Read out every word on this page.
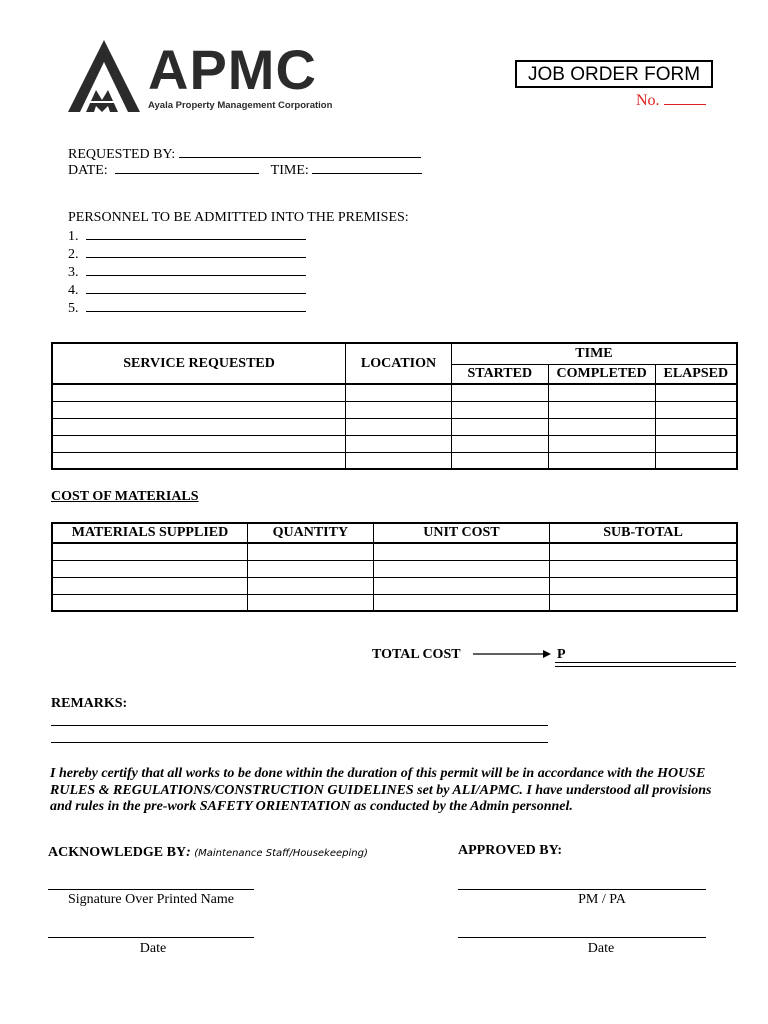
APMC
Ayala Property Management Corporation
JOB ORDER FORM
No.
REQUESTED BY:
DATE:	TIME:
PERSONNEL TO BE ADMITTED INTO THE PREMISES:
1.
2.
3.
4.
5.
SERVICE REQUESTED	LOCATION	TIME		
		STARTED	COMPLETED	ELAPSED

COST OF MATERIALS
MATERIALS SUPPLIED	QUANTITY	UNIT COST	SUB-TOTAL

TOTAL COST	P
REMARKS:
I hereby certify that all works to be done within the duration of this permit will be in accordance with the HOUSE RULES & REGULATIONS/CONSTRUCTION GUIDELINES set by ALI/APMC. I have understood all provisions and rules in the pre-work SAFETY ORIENTATION as conducted by the Admin personnel.
ACKNOWLEDGE BY: (Maintenance Staff/Housekeeping)	APPROVED BY:
Signature Over Printed Name	PM / PA
Date	Date
